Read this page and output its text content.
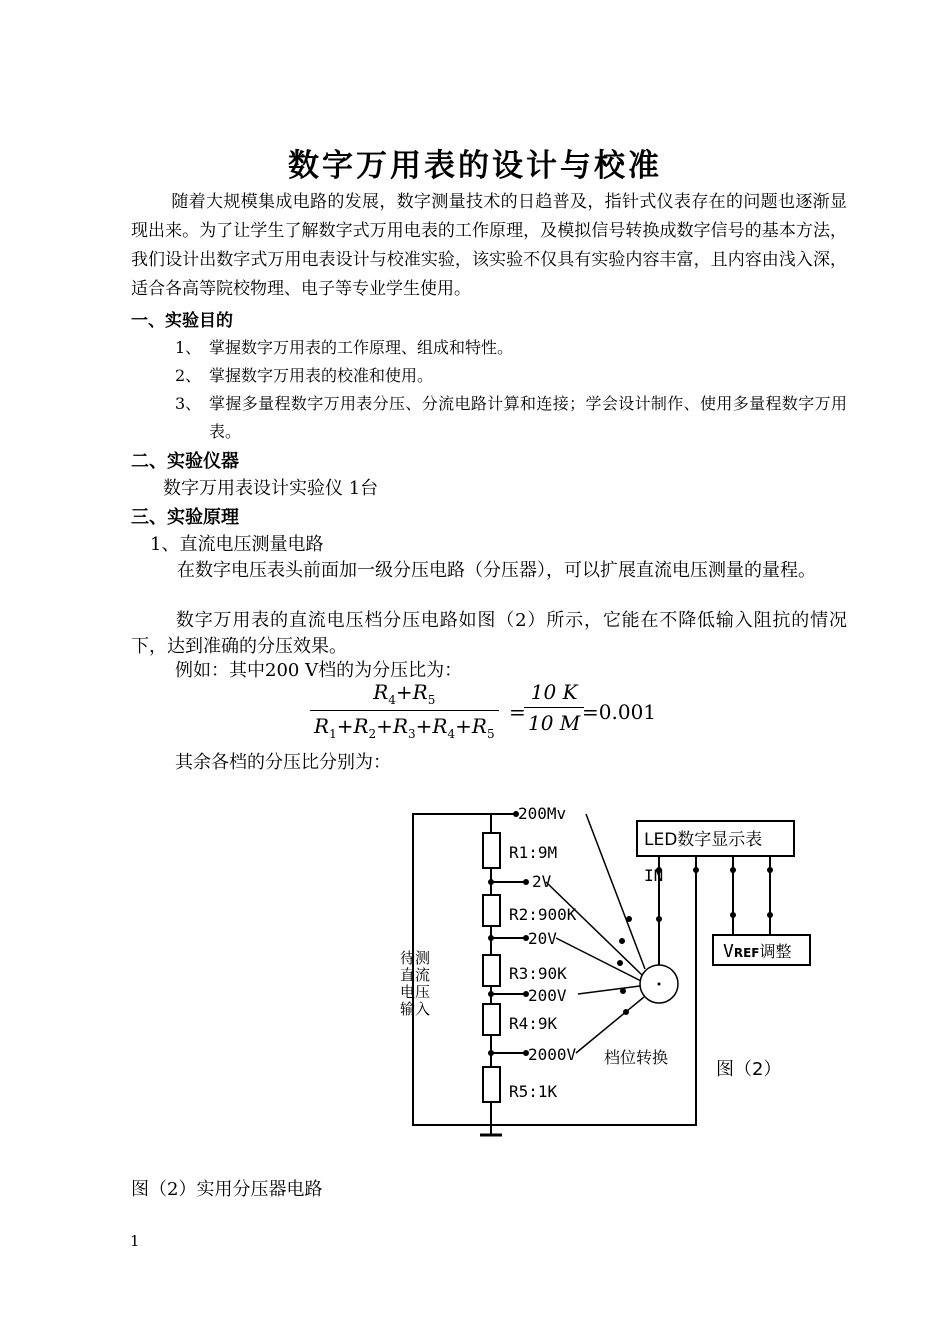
数字万用表的设计与校准
随着大规模集成电路的发展，数字测量技术的日趋普及，指针式仪表存在的问题也逐渐显现出来。为了让学生了解数字式万用电表的工作原理，及模拟信号转换成数字信号的基本方法，我们设计出数字式万用电表设计与校准实验，该实验不仅具有实验内容丰富，且内容由浅入深，适合各高等院校物理、电子等专业学生使用。
一、实验目的
1、 掌握数字万用表的工作原理、组成和特性。
2、 掌握数字万用表的校准和使用。
3、 掌握多量程数字万用表分压、分流电路计算和连接；学会设计制作、使用多量程数字万用表。
二、实验仪器
数字万用表设计实验仪 1台
三、实验原理
1、直流电压测量电路
在数字电压表头前面加一级分压电路（分压器），可以扩展直流电压测量的量程。
数字万用表的直流电压档分压电路如图（2）所示，它能在不降低输入阻抗的情况下，达到准确的分压效果。
例如：其中200 V档的为分压比为：
$\frac{R_4+R_5}{R_1+R_2+R_3+R_4+R_5}$ =
$\frac{10 K}{10 M}$
=0.001
其余各档的分压比分别为：
200Mv
2V
20V
200V
2000V
R1:9M
R2:900K
R3:90K
R4:9K
R5:1K
IN
VREF调整
LED数字显示表
待测
直流
电压
输入
档位转换
图（2）
图（2）实用分压器电路
1
